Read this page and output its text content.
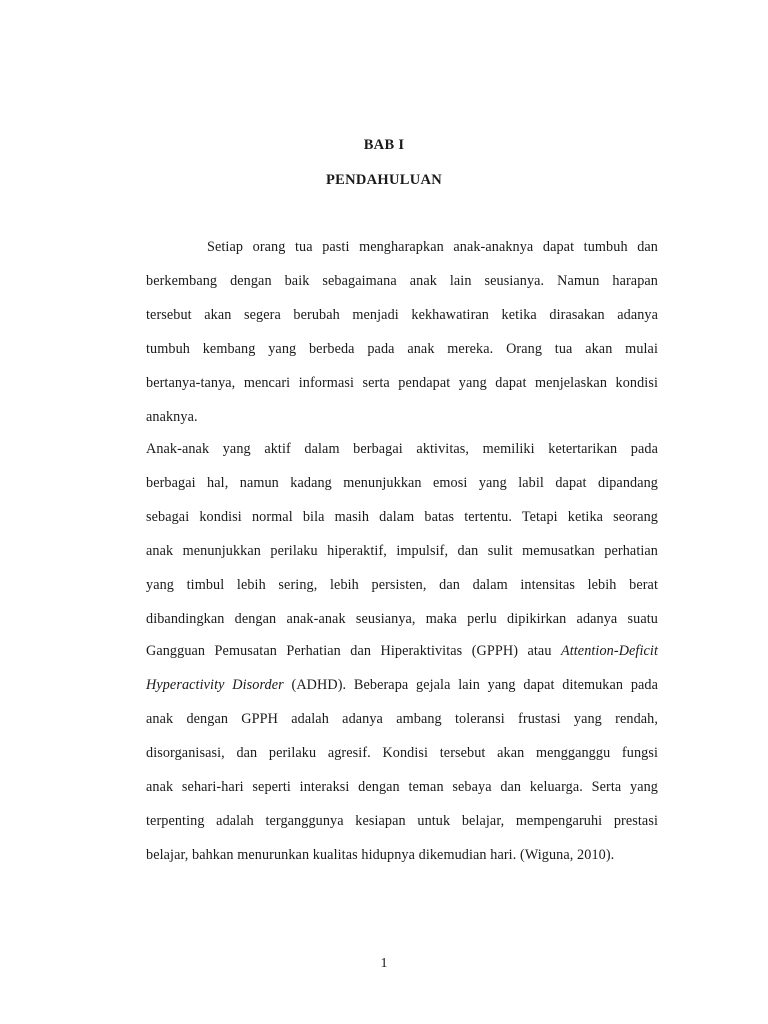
BAB I
PENDAHULUAN
Setiap orang tua pasti mengharapkan anak-anaknya dapat tumbuh dan
berkembang dengan baik sebagaimana anak lain seusianya. Namun harapan
tersebut akan segera berubah menjadi kekhawatiran ketika dirasakan adanya
tumbuh kembang yang berbeda pada anak mereka. Orang tua akan mulai
bertanya-tanya, mencari informasi serta pendapat yang dapat menjelaskan kondisi
anaknya.
Anak-anak yang aktif dalam berbagai aktivitas, memiliki ketertarikan pada
berbagai hal, namun kadang menunjukkan emosi yang labil dapat dipandang
sebagai kondisi normal bila masih dalam batas tertentu. Tetapi ketika seorang
anak menunjukkan perilaku hiperaktif, impulsif, dan sulit memusatkan perhatian
yang timbul lebih sering, lebih persisten, dan dalam intensitas lebih berat
dibandingkan dengan anak-anak seusianya, maka perlu dipikirkan adanya suatu
Gangguan Pemusatan Perhatian dan Hiperaktivitas (GPPH) atau Attention-Deficit
Hyperactivity Disorder (ADHD). Beberapa gejala lain yang dapat ditemukan pada
anak dengan GPPH adalah adanya ambang toleransi frustasi yang rendah,
disorganisasi, dan perilaku agresif. Kondisi tersebut akan mengganggu fungsi
anak sehari-hari seperti interaksi dengan teman sebaya dan keluarga. Serta yang
terpenting adalah terganggunya kesiapan untuk belajar, mempengaruhi prestasi
belajar, bahkan menurunkan kualitas hidupnya dikemudian hari. (Wiguna, 2010).
1
